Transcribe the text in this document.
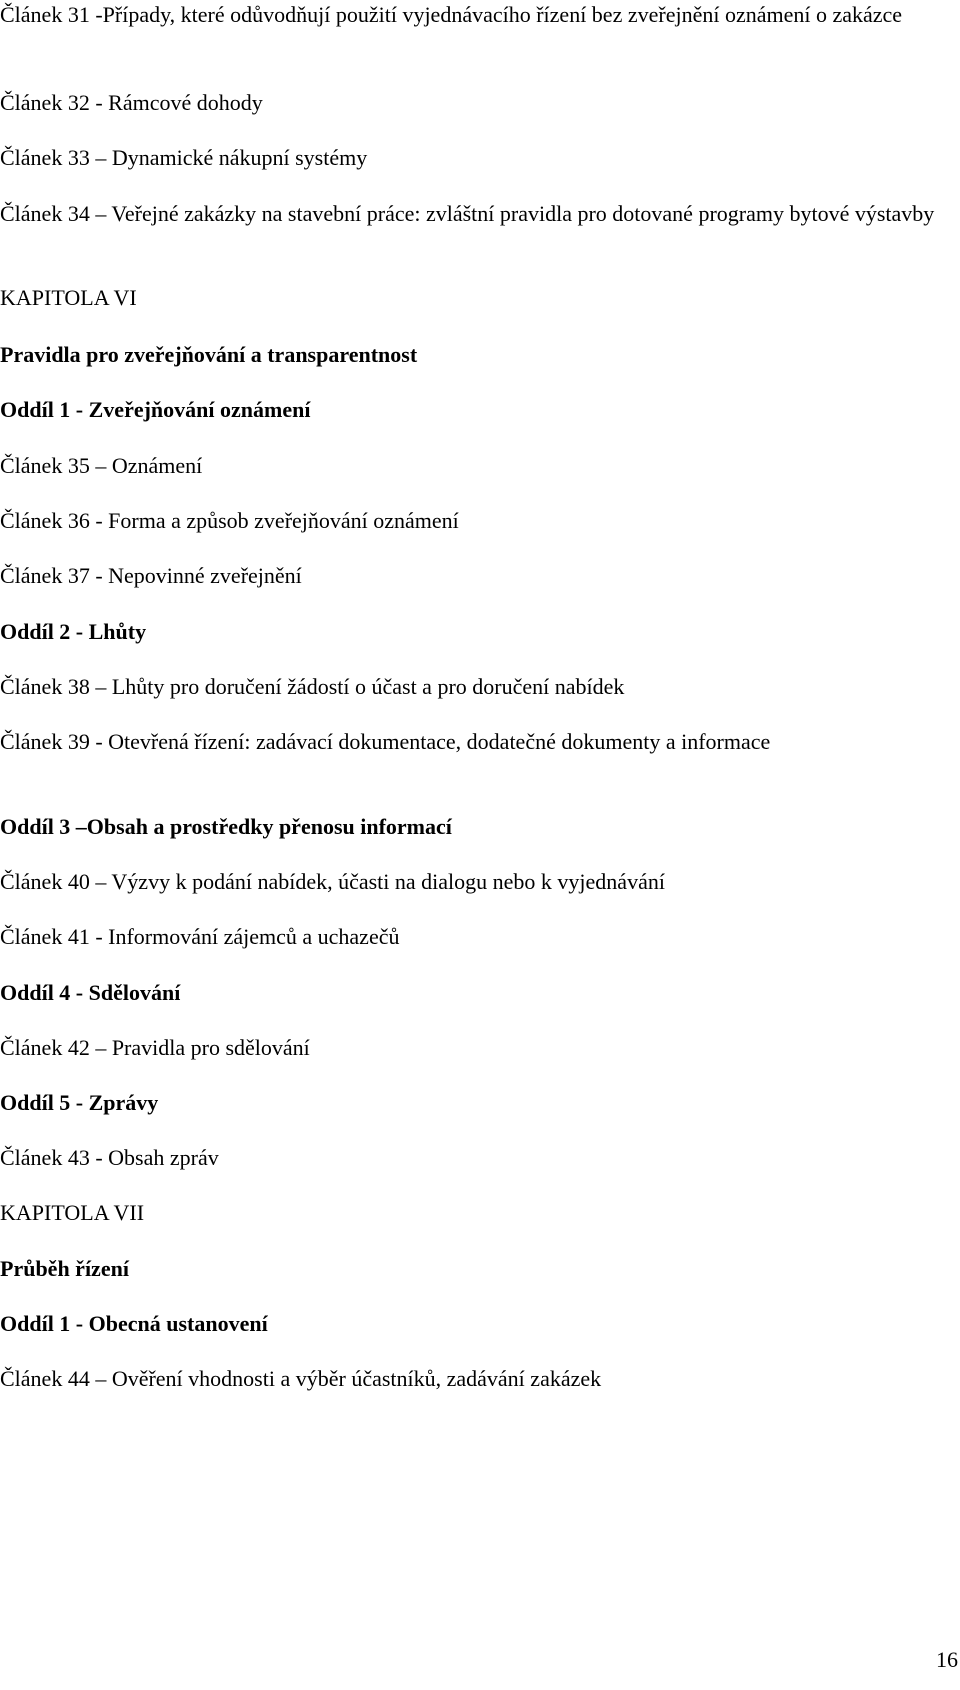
Článek 31 -Případy, které odůvodňují použití vyjednávacího řízení bez zveřejnění oznámení o zakázce

Článek 32 - Rámcové dohody

Článek 33 – Dynamické nákupní systémy

Článek 34 – Veřejné zakázky na stavební práce: zvláštní pravidla pro dotované programy bytové výstavby

KAPITOLA VI

Pravidla pro zveřejňování a transparentnost

Oddíl 1 - Zveřejňování oznámení

Článek 35 – Oznámení

Článek 36 - Forma a způsob zveřejňování oznámení

Článek 37 - Nepovinné zveřejnění

Oddíl 2 - Lhůty

Článek 38 – Lhůty pro doručení žádostí o účast a pro doručení nabídek

Článek 39 - Otevřená řízení: zadávací dokumentace, dodatečné dokumenty a informace

Oddíl 3 –Obsah a prostředky přenosu informací

Článek 40 – Výzvy k podání nabídek, účasti na dialogu nebo k vyjednávání

Článek 41 - Informování zájemců a uchazečů

Oddíl 4 - Sdělování

Článek 42 – Pravidla pro sdělování

Oddíl 5 - Zprávy

Článek 43 - Obsah zpráv

KAPITOLA VII

Průběh řízení

Oddíl 1 - Obecná ustanovení

Článek 44 – Ověření vhodnosti a výběr účastníků, zadávání zakázek

16
